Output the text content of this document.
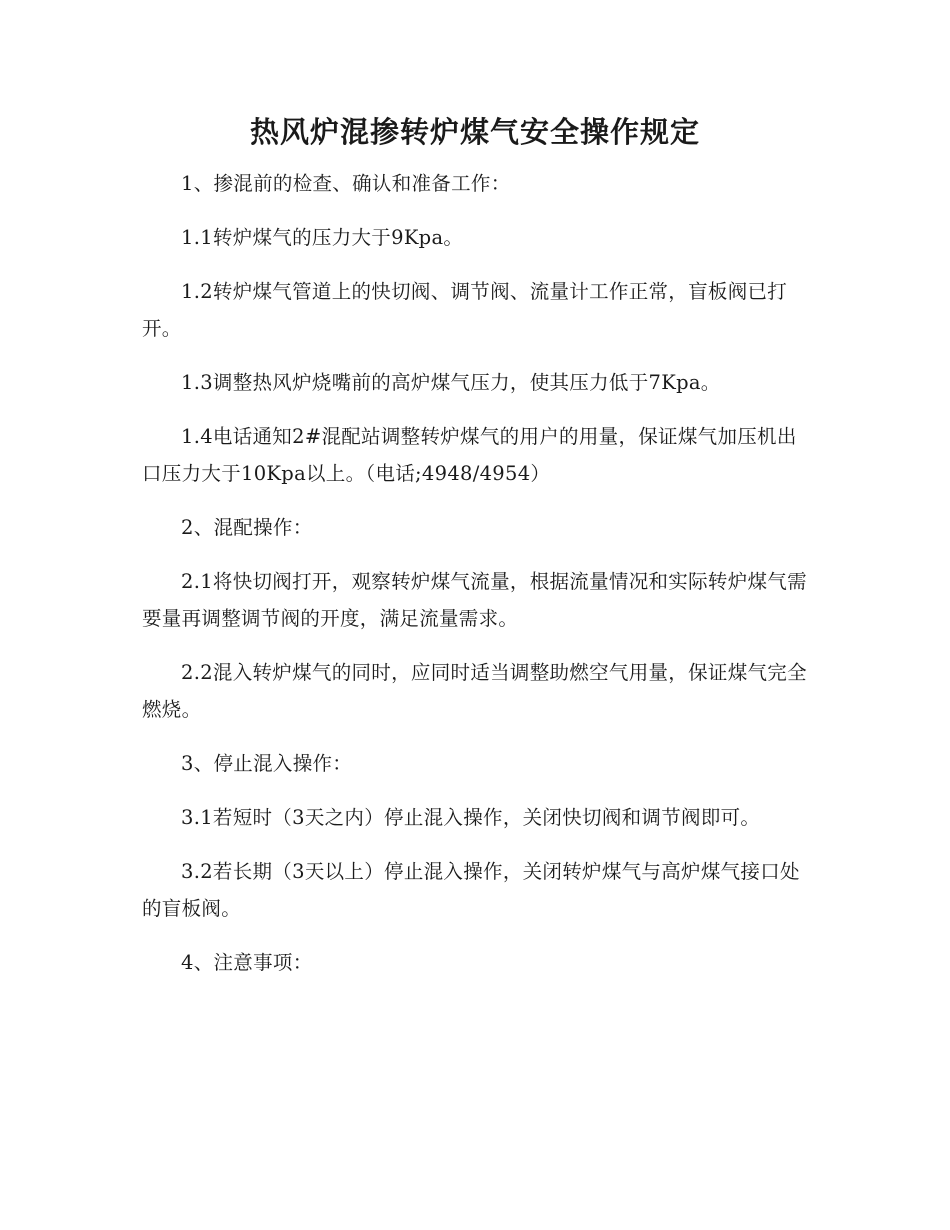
热风炉混掺转炉煤气安全操作规定

1、掺混前的检查、确认和准备工作：

1.1转炉煤气的压力大于9Kpa。

1.2转炉煤气管道上的快切阀、调节阀、流量计工作正常，盲板阀已打开。

1.3调整热风炉烧嘴前的高炉煤气压力，使其压力低于7Kpa。

1.4电话通知2#混配站调整转炉煤气的用户的用量，保证煤气加压机出口压力大于10Kpa以上。（电话;4948/4954）

2、混配操作：

2.1将快切阀打开，观察转炉煤气流量，根据流量情况和实际转炉煤气需要量再调整调节阀的开度，满足流量需求。

2.2混入转炉煤气的同时，应同时适当调整助燃空气用量，保证煤气完全燃烧。

3、停止混入操作：

3.1若短时（3天之内）停止混入操作，关闭快切阀和调节阀即可。

3.2若长期（3天以上）停止混入操作，关闭转炉煤气与高炉煤气接口处的盲板阀。

4、注意事项：
